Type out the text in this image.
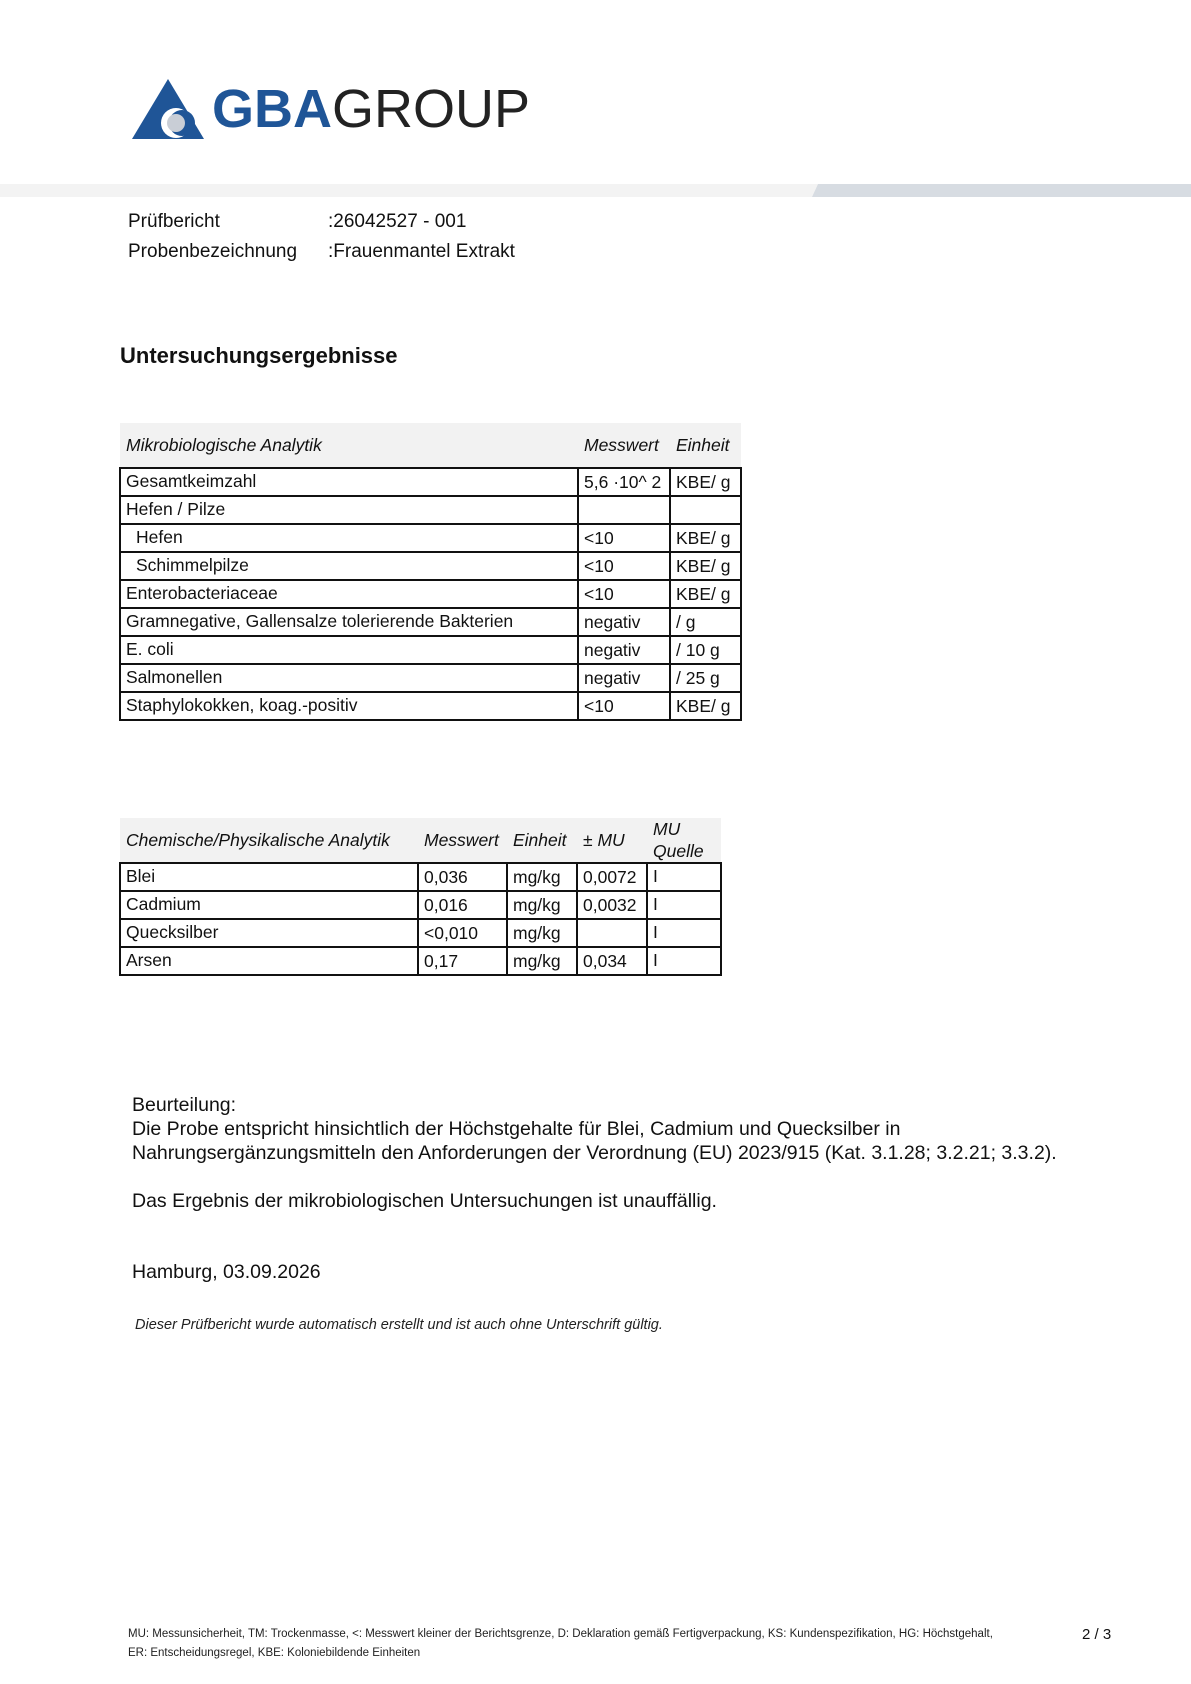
GBAGROUP
Prüfbericht	:26042527 - 001
Probenbezeichnung	:Frauenmantel Extrakt
Untersuchungsergebnisse
Mikrobiologische Analytik	Messwert	Einheit
Gesamtkeimzahl	5,6 ·10^ 2	KBE/ g
Hefen / Pilze		
Hefen	<10	KBE/ g
Schimmelpilze	<10	KBE/ g
Enterobacteriaceae	<10	KBE/ g
Gramnegative, Gallensalze tolerierende Bakterien	negativ	/ g
E. coli	negativ	/ 10 g
Salmonellen	negativ	/ 25 g
Staphylokokken, koag.-positiv	<10	KBE/ g
Chemische/Physikalische Analytik	Messwert	Einheit	± MU	MU Quelle
Blei	0,036	mg/kg	0,0072	I
Cadmium	0,016	mg/kg	0,0032	I
Quecksilber	<0,010	mg/kg		I
Arsen	0,17	mg/kg	0,034	I

Beurteilung:

Die Probe entspricht hinsichtlich der Höchstgehalte für Blei, Cadmium und Quecksilber in

Nahrungsergänzungsmitteln den Anforderungen der Verordnung (EU) 2023/915 (Kat. 3.1.28; 3.2.21; 3.3.2).

Das Ergebnis der mikrobiologischen Untersuchungen ist unauffällig.

Hamburg, 03.09.2026
Dieser Prüfbericht wurde automatisch erstellt und ist auch ohne Unterschrift gültig.
MU: Messunsicherheit, TM: Trockenmasse, <: Messwert kleiner der Berichtsgrenze, D: Deklaration gemäß Fertigverpackung, KS: Kundenspezifikation, HG: Höchstgehalt,
ER: Entscheidungsregel, KBE: Koloniebildende Einheiten
2 / 3
